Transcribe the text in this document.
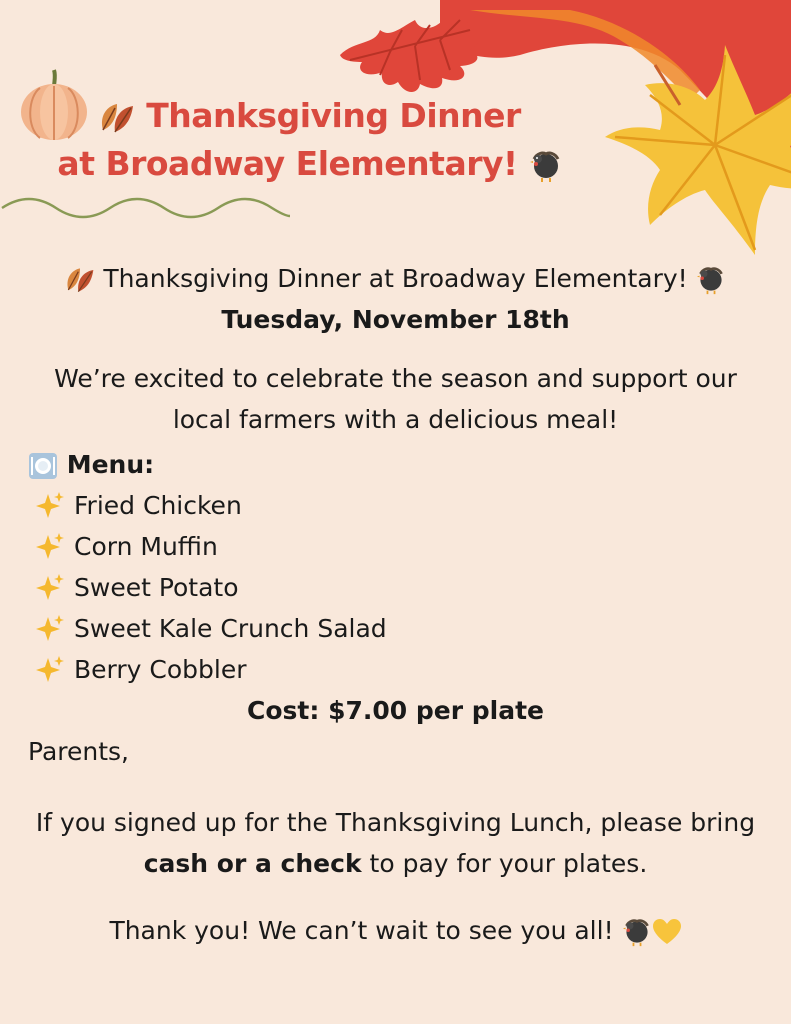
Thanksgiving Dinner
at Broadway Elementary!
Thanksgiving Dinner at Broadway Elementary!
Tuesday, November 18th
We’re excited to celebrate the season and support our local farmers with a delicious meal!
Menu:
Fried Chicken
Corn Muffin
Sweet Potato
Sweet Kale Crunch Salad
Berry Cobbler
Cost: $7.00 per plate
Parents,
If you signed up for the Thanksgiving Lunch, please bring cash or a check to pay for your plates.
Thank you! We can’t wait to see you all!
